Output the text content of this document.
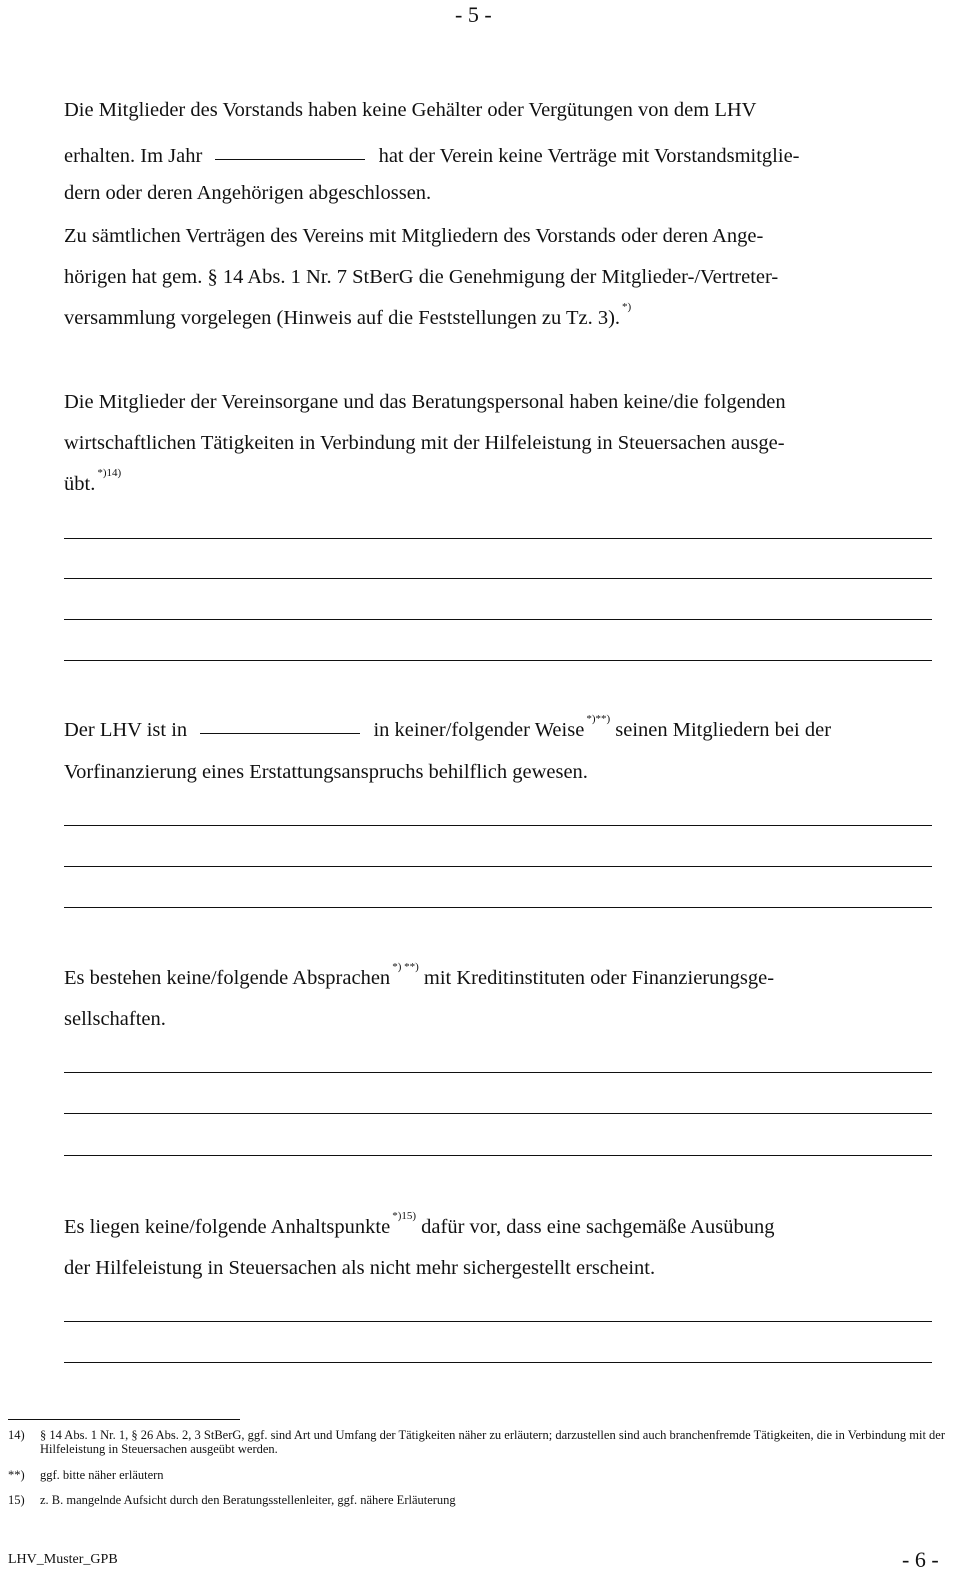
- 5 -
Die Mitglieder des Vorstands haben keine Gehälter oder Vergütungen von dem LHV
erhalten. Im Jahr	hat der Verein keine Verträge mit Vorstandsmitglie-
dern oder deren Angehörigen abgeschlossen.
Zu sämtlichen Verträgen des Vereins mit Mitgliedern des Vorstands oder deren Ange-
hörigen hat gem. § 14 Abs. 1 Nr. 7 StBerG die Genehmigung der Mitglieder-/Vertreter-
versammlung vorgelegen (Hinweis auf die Feststellungen zu Tz. 3). *)
Die Mitglieder der Vereinsorgane und das Beratungspersonal haben keine/die folgenden
wirtschaftlichen Tätigkeiten in Verbindung mit der Hilfeleistung in Steuersachen ausge-
übt. $^{*)14)}$
Der LHV ist in	in keiner/folgender Weise *)**) seinen Mitgliedern bei der
Vorfinanzierung eines Erstattungsanspruchs behilflich gewesen.
Es bestehen keine/folgende Absprachen *) **) mit Kreditinstituten oder Finanzierungsge-
sellschaften.
Es liegen keine/folgende Anhaltspunkte $^{*)15)}$ dafür vor, dass eine sachgemäße Ausübung
der Hilfeleistung in Steuersachen als nicht mehr sichergestellt erscheint.
14) § 14 Abs. 1 Nr. 1, § 26 Abs. 2, 3 StBerG, ggf. sind Art und Umfang der Tätigkeiten näher zu erläutern; darzustellen sind auch branchenfremde Tätigkeiten, die in Verbindung mit der Hilfeleistung in Steuersachen ausgeübt werden.
**) ggf. bitte näher erläutern
15) z. B. mangelnde Aufsicht durch den Beratungsstellenleiter, ggf. nähere Erläuterung
LHV_Muster_GPB	- 6 -
